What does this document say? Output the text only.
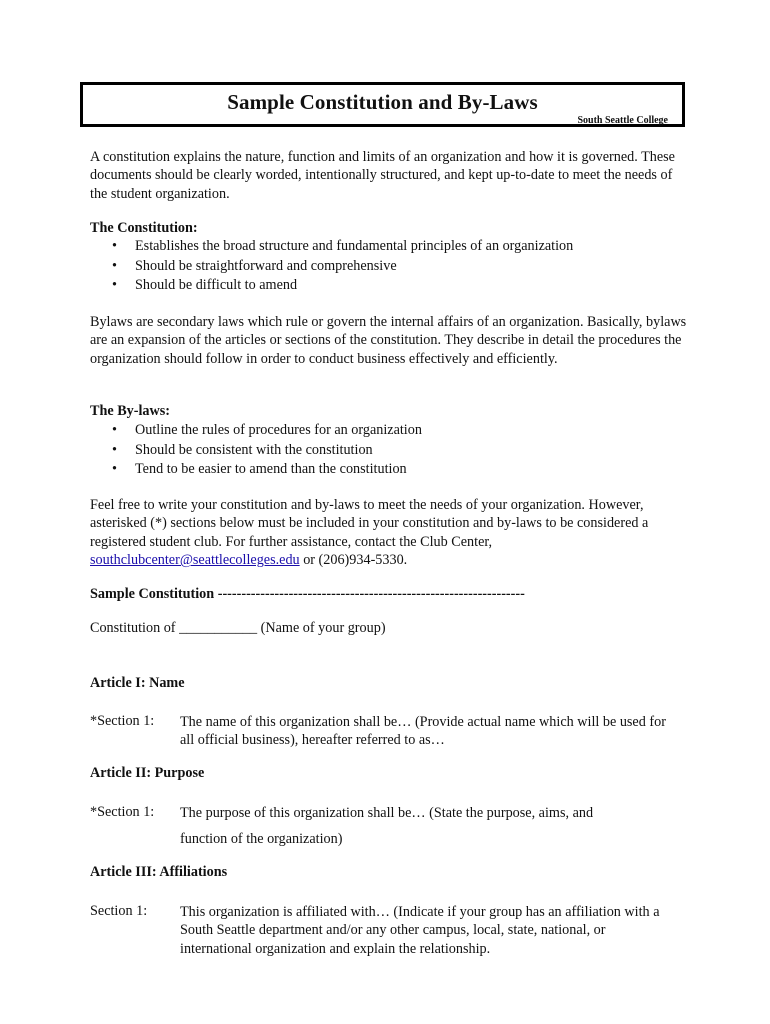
Sample Constitution and By-Laws
South Seattle College

A constitution explains the nature, function and limits of an organization and how it is governed. These documents should be clearly worded, intentionally structured, and kept up-to-date to meet the needs of the student organization.

The Constitution:
• Establishes the broad structure and fundamental principles of an organization
• Should be straightforward and comprehensive
• Should be difficult to amend

Bylaws are secondary laws which rule or govern the internal affairs of an organization. Basically, bylaws are an expansion of the articles or sections of the constitution. They describe in detail the procedures the organization should follow in order to conduct business effectively and efficiently.

The By-laws:
• Outline the rules of procedures for an organization
• Should be consistent with the constitution
• Tend to be easier to amend than the constitution

Feel free to write your constitution and by-laws to meet the needs of your organization. However, asterisked (*) sections below must be included in your constitution and by-laws to be considered a registered student club. For further assistance, contact the Club Center, southclubcenter@seattlecolleges.edu or (206)934-5330.

Sample Constitution -----------------------------------------------------------------
Constitution of ___________ (Name of your group)
Article I: Name
*Section 1: The name of this organization shall be… (Provide actual name which will be used for all official business), hereafter referred to as…
Article II: Purpose
*Section 1: The purpose of this organization shall be… (State the purpose, aims, and
function of the organization)
Article III: Affiliations
Section 1: This organization is affiliated with… (Indicate if your group has an affiliation with a South Seattle department and/or any other campus, local, state, national, or international organization and explain the relationship.
